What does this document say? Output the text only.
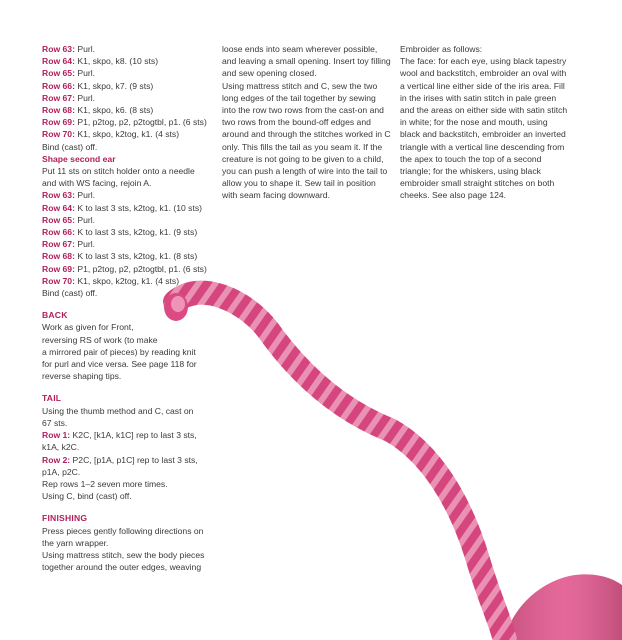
Row 63: Purl.

Row 64: K1, skpo, k8. (10 sts)

Row 65: Purl.

Row 66: K1, skpo, k7. (9 sts)

Row 67: Purl.

Row 68: K1, skpo, k6. (8 sts)

Row 69: P1, p2tog, p2, p2togtbl, p1. (6 sts)

Row 70: K1, skpo, k2tog, k1. (4 sts)

Bind (cast) off.

Shape second ear

Put 11 sts on stitch holder onto a needle

and with WS facing, rejoin A.

Row 63: Purl.

Row 64: K to last 3 sts, k2tog, k1. (10 sts)

Row 65: Purl.

Row 66: K to last 3 sts, k2tog, k1. (9 sts)

Row 67: Purl.

Row 68: K to last 3 sts, k2tog, k1. (8 sts)

Row 69: P1, p2tog, p2, p2togtbl, p1. (6 sts)

Row 70: K1, skpo, k2tog, k1. (4 sts)

Bind (cast) off.

BACK

Work as given for Front,

reversing RS of work (to make

a mirrored pair of pieces) by reading knit

for purl and vice versa. See page 118 for

reverse shaping tips.

TAIL

Using the thumb method and C, cast on

67 sts.

Row 1: K2C, [k1A, k1C] rep to last 3 sts,

k1A, k2C.

Row 2: P2C, [p1A, p1C] rep to last 3 sts,

p1A, p2C.

Rep rows 1–2 seven more times.

Using C, bind (cast) off.

FINISHING

Press pieces gently following directions on

the yarn wrapper.

Using mattress stitch, sew the body pieces

together around the outer edges, weaving

loose ends into seam wherever possible,

and leaving a small opening. Insert toy filling

and sew opening closed.

Using mattress stitch and C, sew the two

long edges of the tail together by sewing

into the row two rows from the cast-on and

two rows from the bound-off edges and

around and through the stitches worked in C

only. This fills the tail as you seam it. If the

creature is not going to be given to a child,

you can push a length of wire into the tail to

allow you to shape it. Sew tail in position

with seam facing downward.

Embroider as follows:

The face: for each eye, using black tapestry

wool and backstitch, embroider an oval with

a vertical line either side of the iris area. Fill

in the irises with satin stitch in pale green

and the areas on either side with satin stitch

in white; for the nose and mouth, using

black and backstitch, embroider an inverted

triangle with a vertical line descending from

the apex to touch the top of a second

triangle; for the whiskers, using black

embroider small straight stitches on both

cheeks. See also page 124.
